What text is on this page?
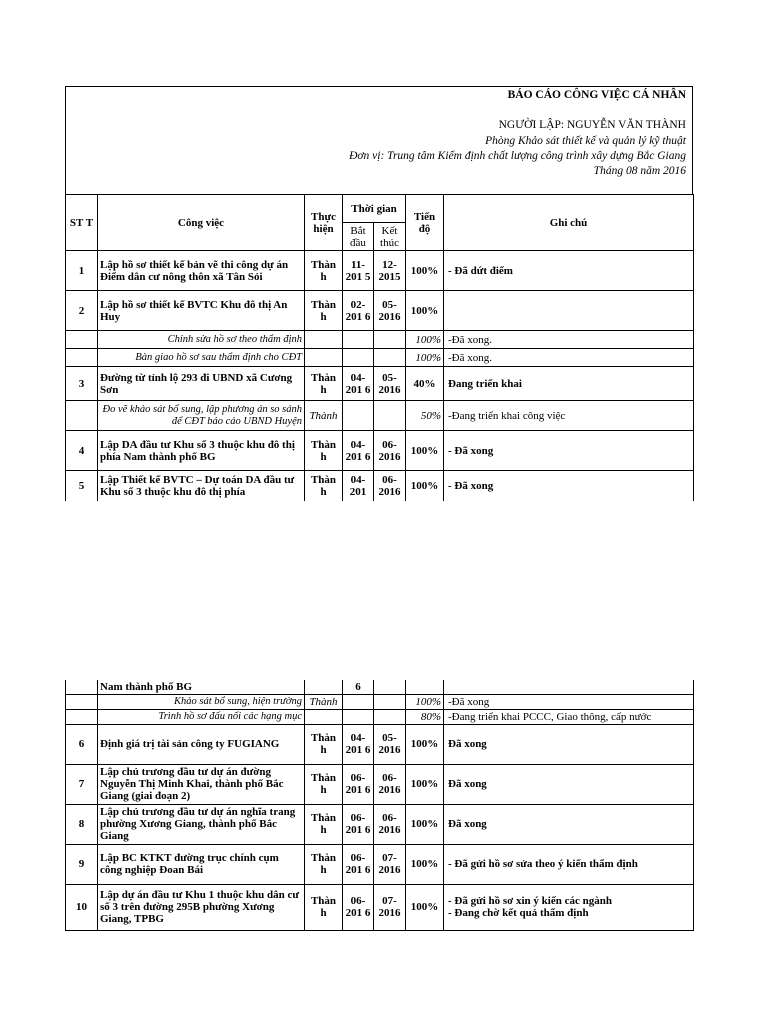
BÁO CÁO CÔNG VIỆC CÁ NHÂN
NGƯỜI LẬP: NGUYỄN VĂN THÀNH
Phòng Khảo sát thiết kế và quản lý kỹ thuật
Đơn vị: Trung tâm Kiểm định chất lượng công trình xây dựng Bắc Giang
Tháng 08 năm 2016
ST T	Công việc	Thực hiện	Thời gian		Tiến độ	Ghi chú
			Bắt đầu	Kết thúc		
1	Lập hồ sơ thiết kế bản vẽ thi công dự án Điểm dân cư nông thôn xã Tân Sỏi	Thàn h	11- 201 5	12- 2015	100%	- Đã dứt điểm

2	Lập hồ sơ thiết kế BVTC Khu đô thị An Huy	Thàn h	02- 201 6	05- 2016	100%	

	Chỉnh sửa hồ sơ theo thẩm định				100%	-Đã xong.
	Bàn giao hồ sơ sau thẩm định cho CĐT				100%	-Đã xong.
3	Đường từ tỉnh lộ 293 đi UBND xã Cương Sơn	Thàn h	04- 201 6	05- 2016	40%	Đang triển khai

	Đo vẽ khảo sát bổ sung, lập phương án so sánh để CĐT báo cáo UBND Huyện	Thành			50%	-Đang triển khai công việc
4	Lập DA đầu tư Khu số 3 thuộc khu đô thị phía Nam thành phố BG	Thàn h	04- 201 6	06- 2016	100%	- Đã xong

5	Lập Thiết kế BVTC – Dự toán DA đầu tư Khu số 3 thuộc khu đô thị phía	Thàn h	04- 201	06- 2016	100%	- Đã xong
	Nam thành phố BG		6			
	Khảo sát bổ sung, hiện trường	Thành			100%	-Đã xong
	Trình hồ sơ đấu nối các hạng mục				80%	-Đang triển khai PCCC, Giao thông, cấp nước
6	Định giá trị tài sản công ty FUGIANG	Thàn h	04- 201 6	05- 2016	100%	Đã xong

7	Lập chủ trương đầu tư dự án đường Nguyễn Thị Minh Khai, thành phố Bắc Giang (giai đoạn 2)	Thàn h	06- 201 6	06- 2016	100%	Đã xong

8	Lập chủ trương đầu tư dự án nghĩa trang phường Xương Giang, thành phố Bắc Giang	Thàn h	06- 201 6	06- 2016	100%	Đã xong

9	Lập BC KTKT đường trục chính cụm công nghiệp Đoan Bái	Thàn h	06- 201 6	07- 2016	100%	- Đã gửi hồ sơ sửa theo ý kiến thẩm định

10	Lập dự án đầu tư Khu 1 thuộc khu dân cư số 3 trên đường 295B phường Xương Giang, TPBG	Thàn h	06- 201 6	07- 2016	100%	- Đã gửi hồ sơ xin ý kiến các ngành
- Đang chờ kết quả thẩm định
